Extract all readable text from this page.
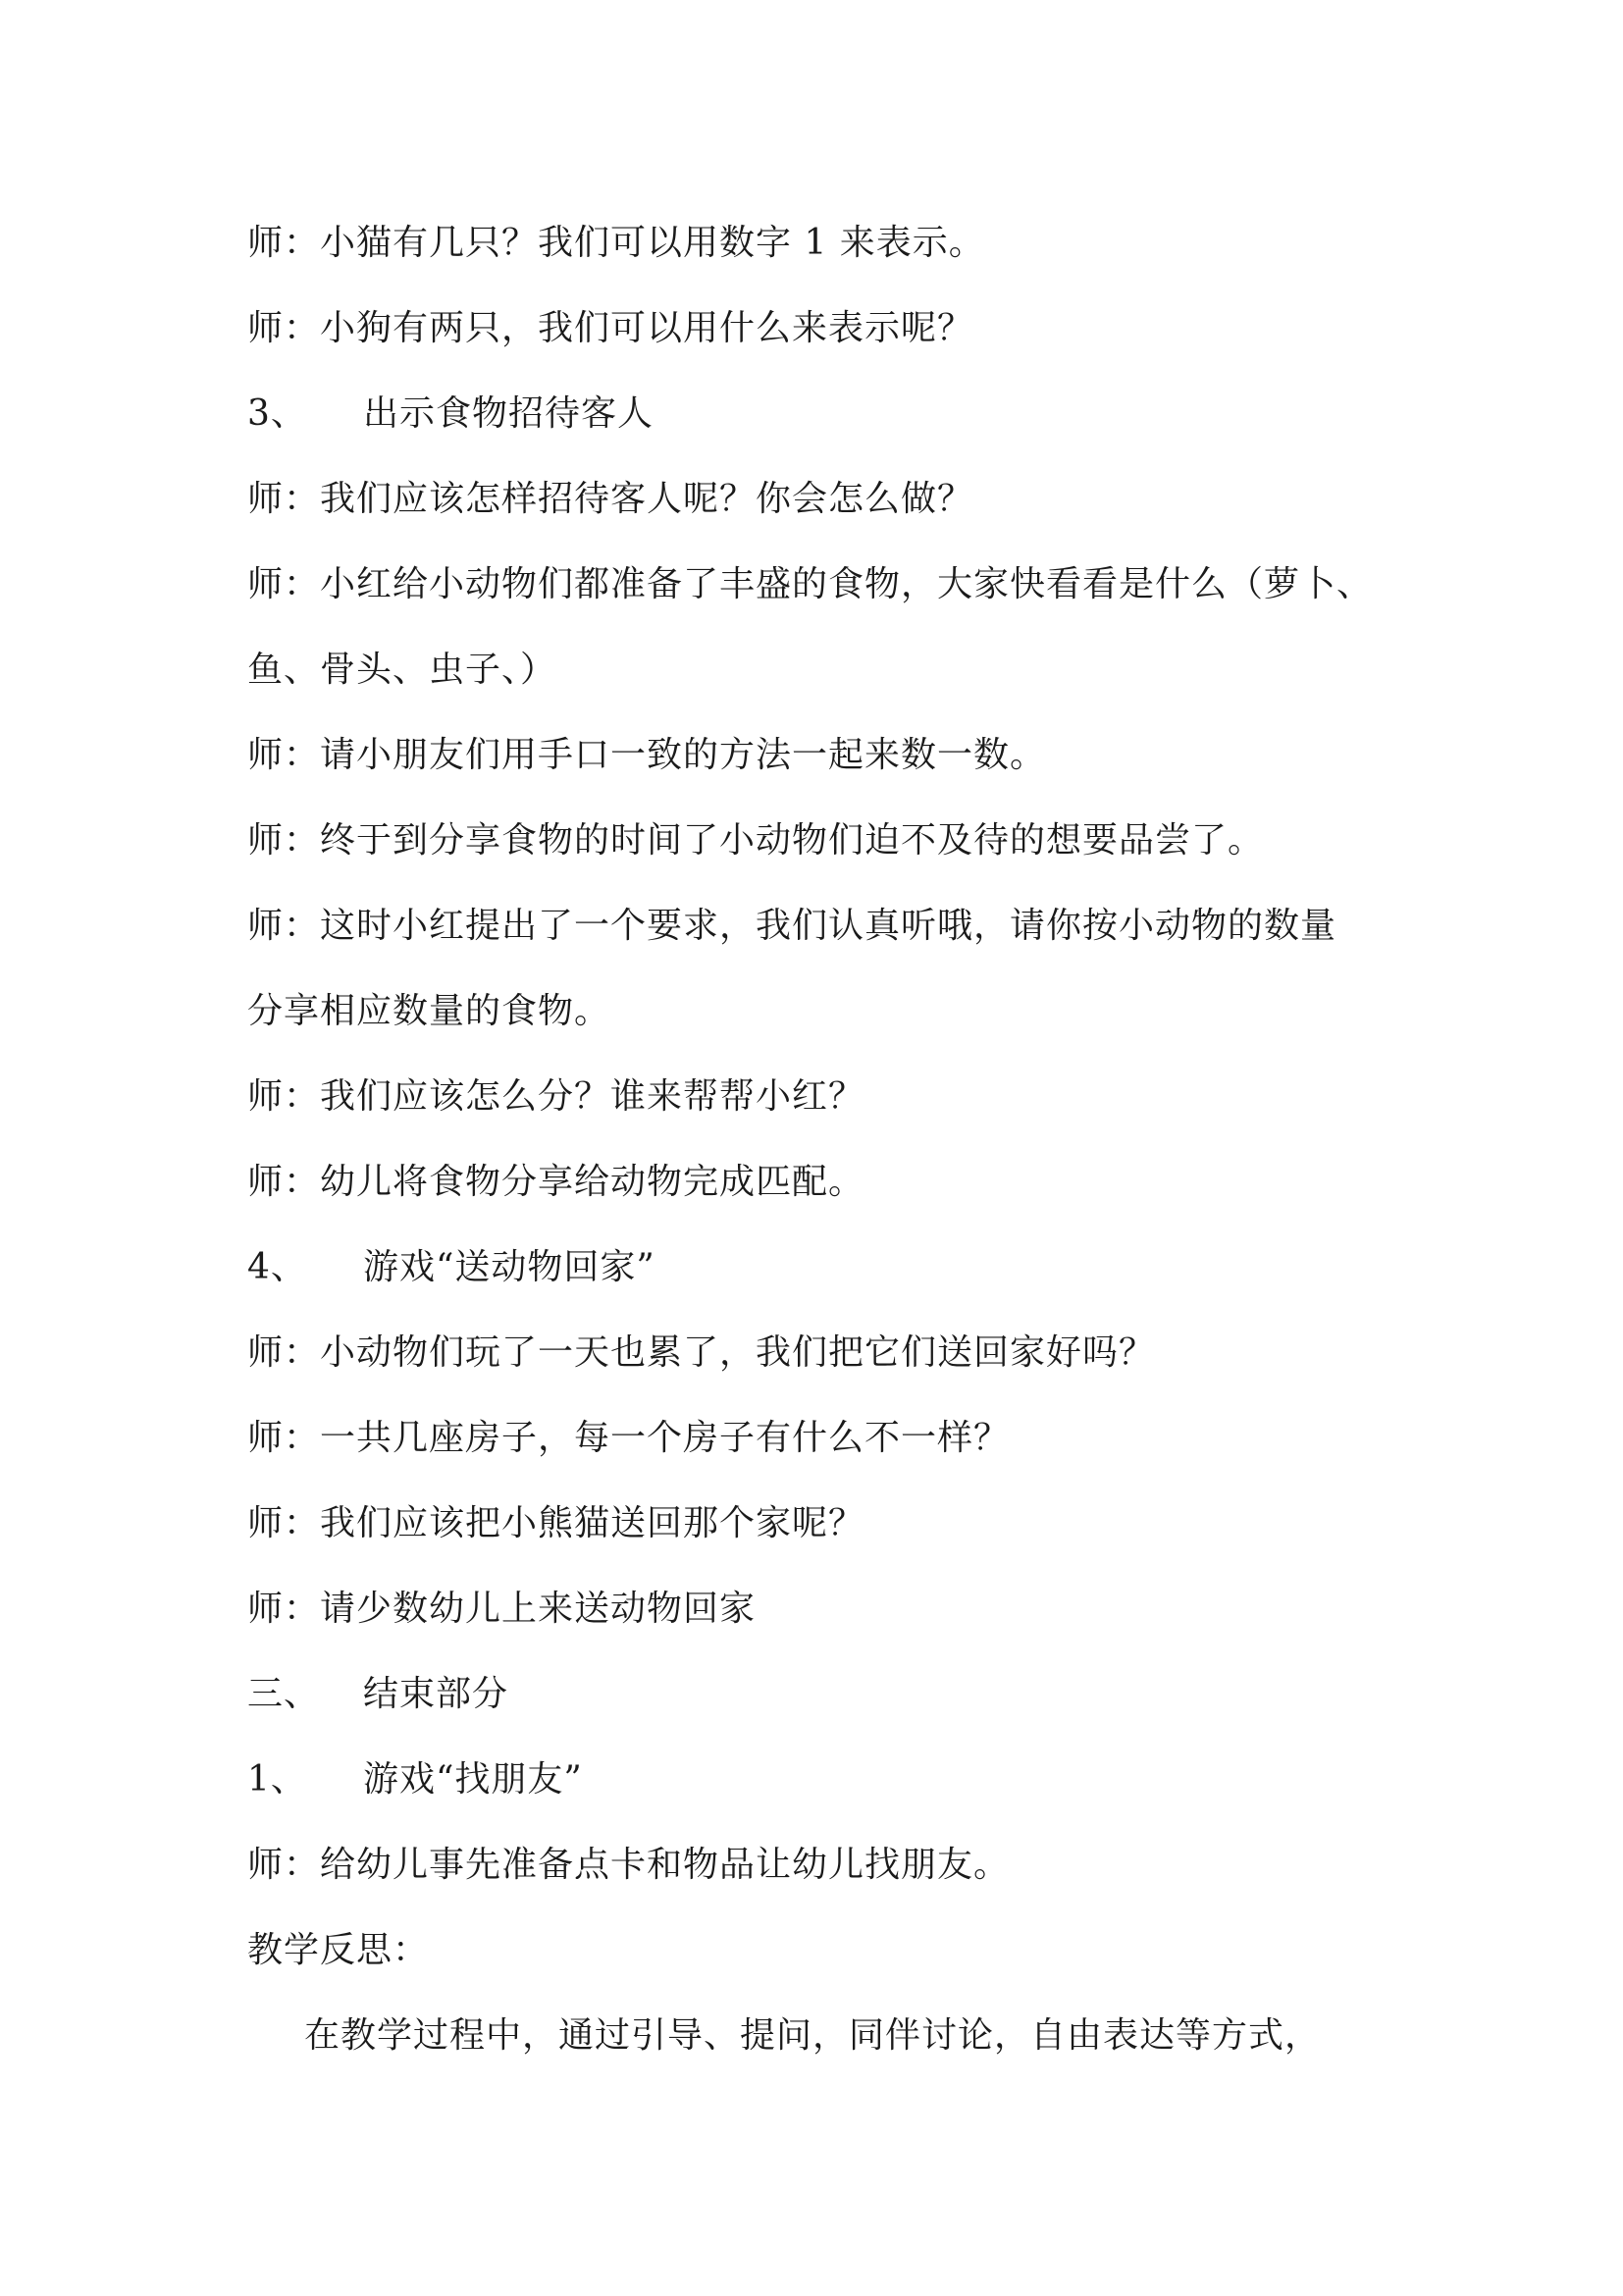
师：小猫有几只？我们可以用数字 1 来表示。
师：小狗有两只，我们可以用什么来表示呢？
3、 出示食物招待客人
师：我们应该怎样招待客人呢？你会怎么做？
师：小红给小动物们都准备了丰盛的食物，大家快看看是什么（萝卜、
鱼、骨头、虫子、）
师：请小朋友们用手口一致的方法一起来数一数。
师：终于到分享食物的时间了小动物们迫不及待的想要品尝了。
师：这时小红提出了一个要求，我们认真听哦，请你按小动物的数量
分享相应数量的食物。
师：我们应该怎么分？谁来帮帮小红？
师：幼儿将食物分享给动物完成匹配。
4、 游戏“送动物回家”
师：小动物们玩了一天也累了，我们把它们送回家好吗？
师：一共几座房子，每一个房子有什么不一样？
师：我们应该把小熊猫送回那个家呢？
师：请少数幼儿上来送动物回家
三、 结束部分
1、 游戏“找朋友”
师：给幼儿事先准备点卡和物品让幼儿找朋友。
教学反思：
在教学过程中，通过引导、提问，同伴讨论，自由表达等方式，
